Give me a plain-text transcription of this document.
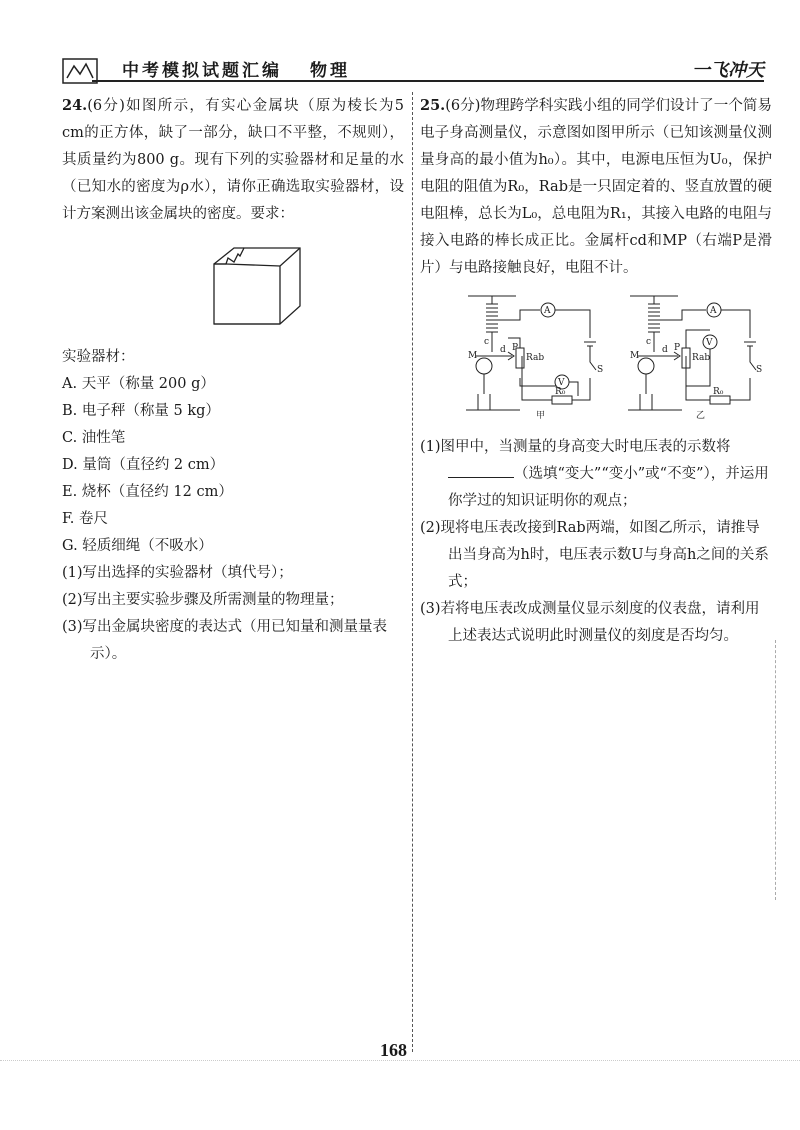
中考模拟试题汇编 物理	一飞冲天

24.(6分)如图所示，有实心金属块（原为棱长为5 cm的正方体，缺了一部分，缺口不平整，不规则），其质量约为800 g。现有下列的实验器材和足量的水（已知水的密度为ρ水），请你正确选取实验器材，设计方案测出该金属块的密度。要求：

实验器材：

A. 天平（称量 200 g）

B. 电子秤（称量 5 kg）

C. 油性笔

D. 量筒（直径约 2 cm）

E. 烧杯（直径约 12 cm）

F. 卷尺

G. 轻质细绳（不吸水）

(1)写出选择的实验器材（填代号）；

(2)写出主要实验步骤及所需测量的物理量；

(3)写出金属块密度的表达式（用已知量和测量量表示）。

25.(6分)物理跨学科实践小组的同学们设计了一个简易电子身高测量仪，示意图如图甲所示（已知该测量仪测量身高的最小值为h₀）。其中，电源电压恒为U₀，保护电阻的阻值为R₀，Rab是一只固定着的、竖直放置的硬电阻棒，总长为L₀，总电阻为R₁，其接入电路的电阻与接入电路的棒长成正比。金属杆cd和MP（右端P是滑片）与电路接触良好，电阻不计。

A
V
S
Rab
R₀
M
d
c
P
甲
A
V
S
Rab
R₀
M
d
c
P
乙

(1)图甲中，当测量的身高变大时电压表的示数将（选填“变大”“变小”或“不变”），并运用你学过的知识证明你的观点；

(2)现将电压表改接到Rab两端，如图乙所示，请推导出当身高为h时，电压表示数U与身高h之间的关系式；

(3)若将电压表改成测量仪显示刻度的仪表盘，请利用上述表达式说明此时测量仪的刻度是否均匀。

168
